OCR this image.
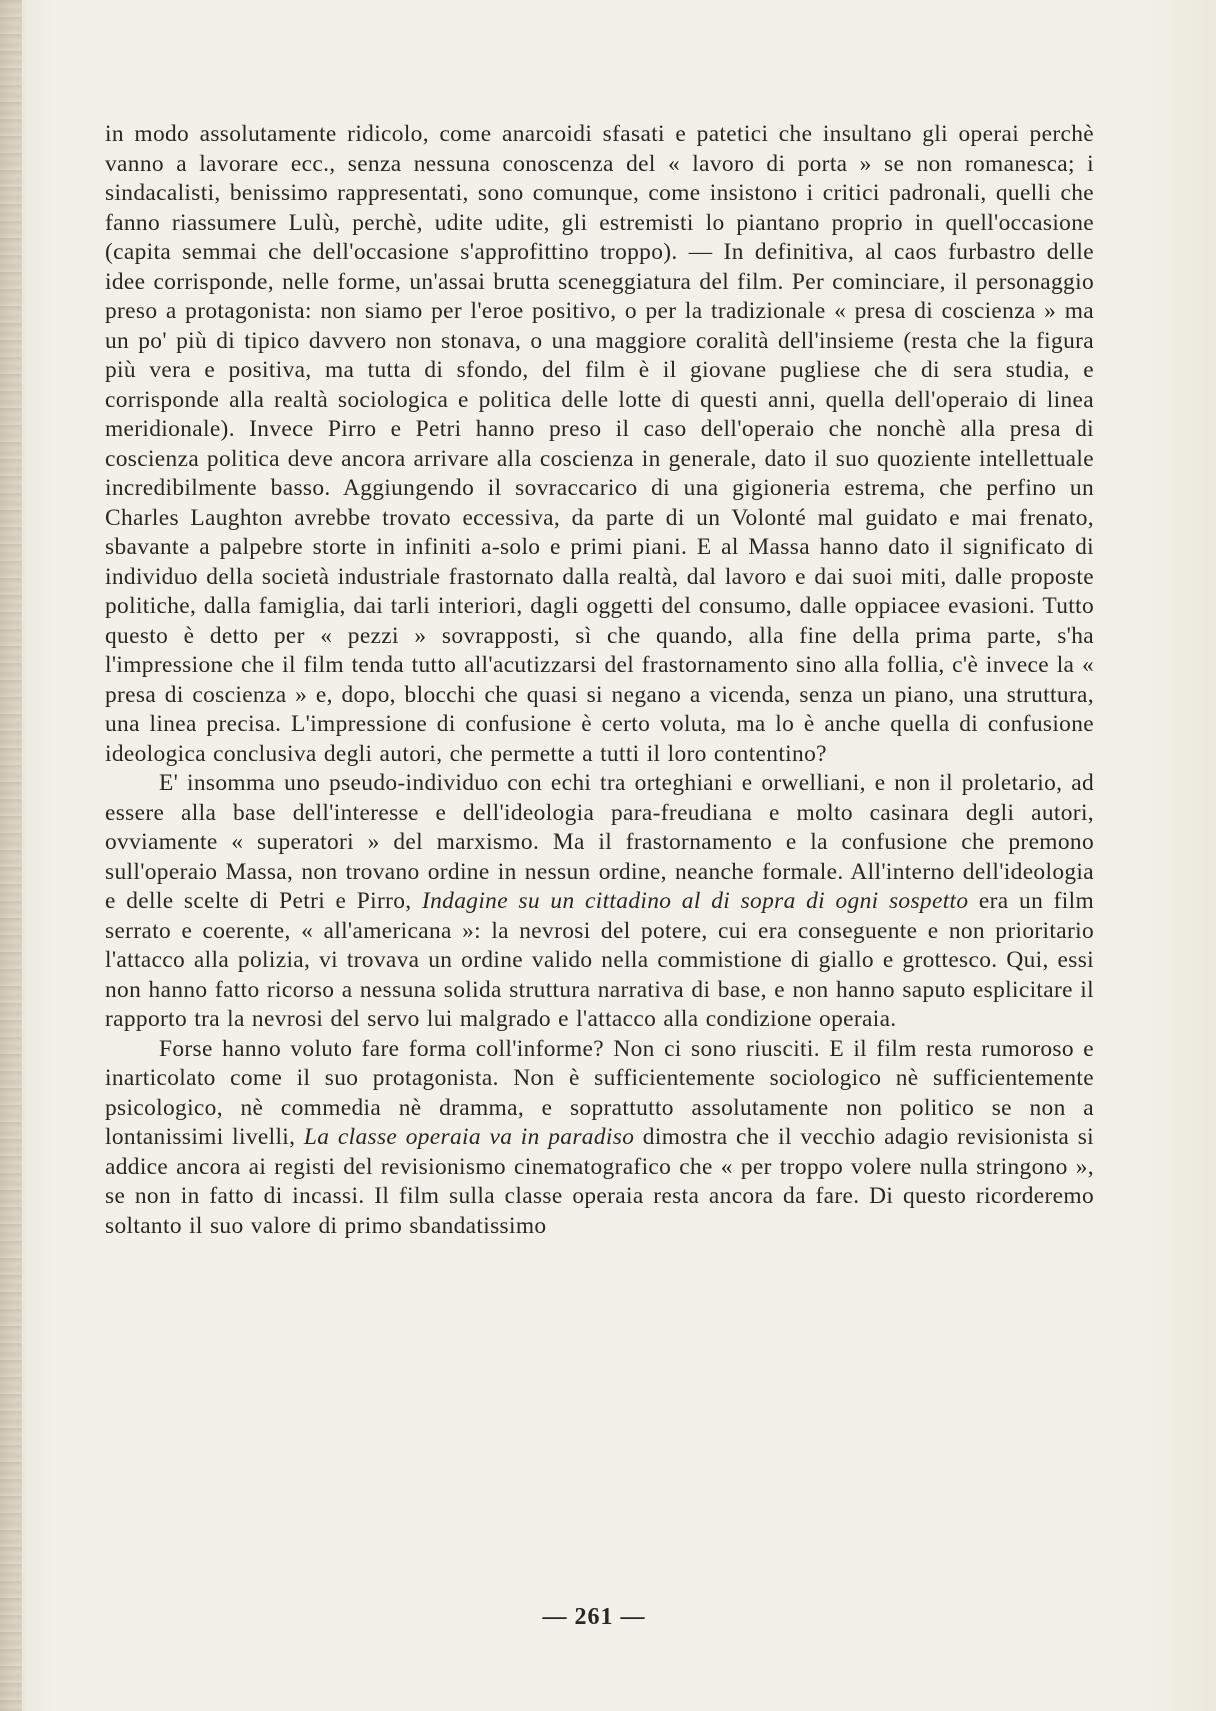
in modo assolutamente ridicolo, come anarcoidi sfasati e patetici che insultano gli operai perchè vanno a lavorare ecc., senza nessuna conoscenza del « lavoro di porta » se non romanesca; i sindacalisti, benissimo rappresentati, sono comunque, come insistono i critici padronali, quelli che fanno riassumere Lulù, perchè, udite udite, gli estremisti lo piantano proprio in quell'occasione (capita semmai che dell'occasione s'approfittino troppo). — In definitiva, al caos furbastro delle idee corrisponde, nelle forme, un'assai brutta sceneggiatura del film. Per cominciare, il personaggio preso a protagonista: non siamo per l'eroe positivo, o per la tradizionale « presa di coscienza » ma un po' più di tipico davvero non stonava, o una maggiore coralità dell'insieme (resta che la figura più vera e positiva, ma tutta di sfondo, del film è il giovane pugliese che di sera studia, e corrisponde alla realtà sociologica e politica delle lotte di questi anni, quella dell'operaio di linea meridionale). Invece Pirro e Petri hanno preso il caso dell'operaio che nonchè alla presa di coscienza politica deve ancora arrivare alla coscienza in generale, dato il suo quoziente intellettuale incredibilmente basso. Aggiungendo il sovraccarico di una gigioneria estrema, che perfino un Charles Laughton avrebbe trovato eccessiva, da parte di un Volonté mal guidato e mai frenato, sbavante a palpebre storte in infiniti a-solo e primi piani. E al Massa hanno dato il significato di individuo della società industriale frastornato dalla realtà, dal lavoro e dai suoi miti, dalle proposte politiche, dalla famiglia, dai tarli interiori, dagli oggetti del consumo, dalle oppiacee evasioni. Tutto questo è detto per « pezzi » sovrapposti, sì che quando, alla fine della prima parte, s'ha l'impressione che il film tenda tutto all'acutizzarsi del frastornamento sino alla follia, c'è invece la « presa di coscienza » e, dopo, blocchi che quasi si negano a vicenda, senza un piano, una struttura, una linea precisa. L'impressione di confusione è certo voluta, ma lo è anche quella di confusione ideologica conclusiva degli autori, che permette a tutti il loro contentino?

E' insomma uno pseudo-individuo con echi tra orteghiani e orwelliani, e non il proletario, ad essere alla base dell'interesse e dell'ideologia para-freudiana e molto casinara degli autori, ovviamente « superatori » del marxismo. Ma il frastornamento e la confusione che premono sull'operaio Massa, non trovano ordine in nessun ordine, neanche formale. All'interno dell'ideologia e delle scelte di Petri e Pirro, Indagine su un cittadino al di sopra di ogni sospetto era un film serrato e coerente, « all'americana »: la nevrosi del potere, cui era conseguente e non prioritario l'attacco alla polizia, vi trovava un ordine valido nella commistione di giallo e grottesco. Qui, essi non hanno fatto ricorso a nessuna solida struttura narrativa di base, e non hanno saputo esplicitare il rapporto tra la nevrosi del servo lui malgrado e l'attacco alla condizione operaia.

Forse hanno voluto fare forma coll'informe? Non ci sono riusciti. E il film resta rumoroso e inarticolato come il suo protagonista. Non è sufficientemente sociologico nè sufficientemente psicologico, nè commedia nè dramma, e soprattutto assolutamente non politico se non a lontanissimi livelli, La classe operaia va in paradiso dimostra che il vecchio adagio revisionista si addice ancora ai registi del revisionismo cinematografico che « per troppo volere nulla stringono », se non in fatto di incassi. Il film sulla classe operaia resta ancora da fare. Di questo ricorderemo soltanto il suo valore di primo sbandatissimo

— 261 —
